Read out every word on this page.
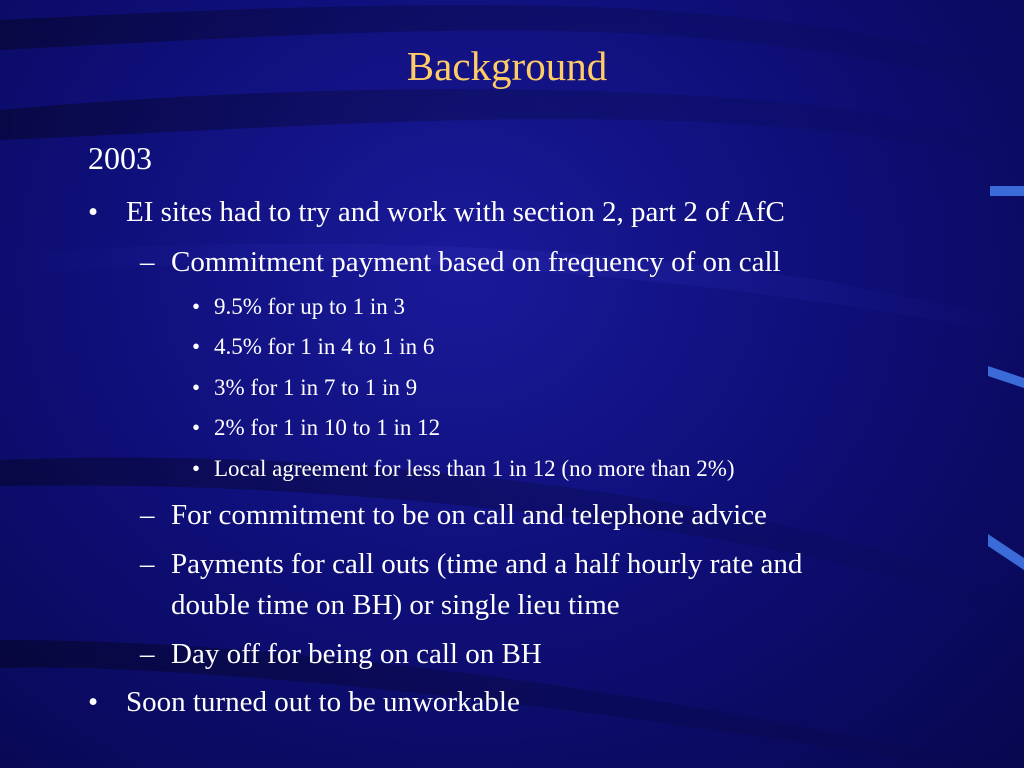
Background
2003
• EI sites had to try and work with section 2, part 2 of AfC
– Commitment payment based on frequency of on call
• 9.5% for up to 1 in 3
• 4.5% for 1 in 4 to 1 in 6
• 3% for 1 in 7 to 1 in 9
• 2% for 1 in 10 to 1 in 12
• Local agreement for less than 1 in 12 (no more than 2%)
– For commitment to be on call and telephone advice
– Payments for call outs (time and a half hourly rate and
double time on BH) or single lieu time
– Day off for being on call on BH
• Soon turned out to be unworkable
